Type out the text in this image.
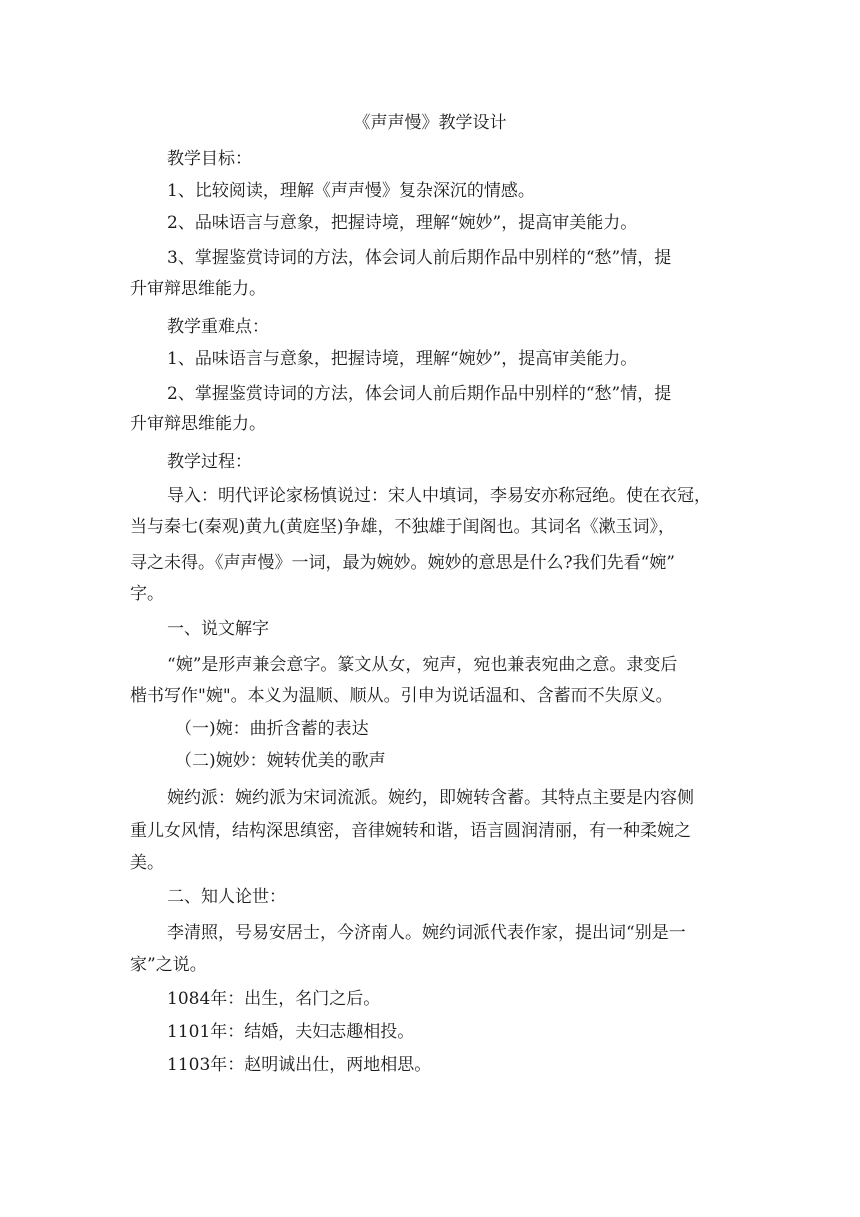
《声声慢》教学设计
教学目标：
1、比较阅读，理解《声声慢》复杂深沉的情感。
2、品味语言与意象，把握诗境，理解“婉妙”，提高审美能力。
3、掌握鉴赏诗词的方法，体会词人前后期作品中别样的“愁”情，提
升审辩思维能力。
教学重难点：
1、品味语言与意象，把握诗境，理解“婉妙”，提高审美能力。
2、掌握鉴赏诗词的方法，体会词人前后期作品中别样的“愁”情，提
升审辩思维能力。
教学过程：
导入：明代评论家杨慎说过：宋人中填词，李易安亦称冠绝。使在衣冠，
当与秦七(秦观)黄九(黄庭坚)争雄，不独雄于闺阁也。其词名《漱玉词》，
寻之未得。《声声慢》一词，最为婉妙。婉妙的意思是什么?我们先看“婉”
字。
一、说文解字
“婉”是形声兼会意字。篆文从女，宛声，宛也兼表宛曲之意。隶变后
楷书写作"婉"。本义为温顺、顺从。引申为说话温和、含蓄而不失原义。
（一)婉：曲折含蓄的表达
（二)婉妙：婉转优美的歌声
婉约派：婉约派为宋词流派。婉约，即婉转含蓄。其特点主要是内容侧
重儿女风情，结构深思缜密，音律婉转和谐，语言圆润清丽，有一种柔婉之
美。
二、知人论世：
李清照，号易安居士，今济南人。婉约词派代表作家，提出词“别是一
家”之说。
1084年：出生，名门之后。
1101年：结婚，夫妇志趣相投。
1103年：赵明诚出仕，两地相思。
